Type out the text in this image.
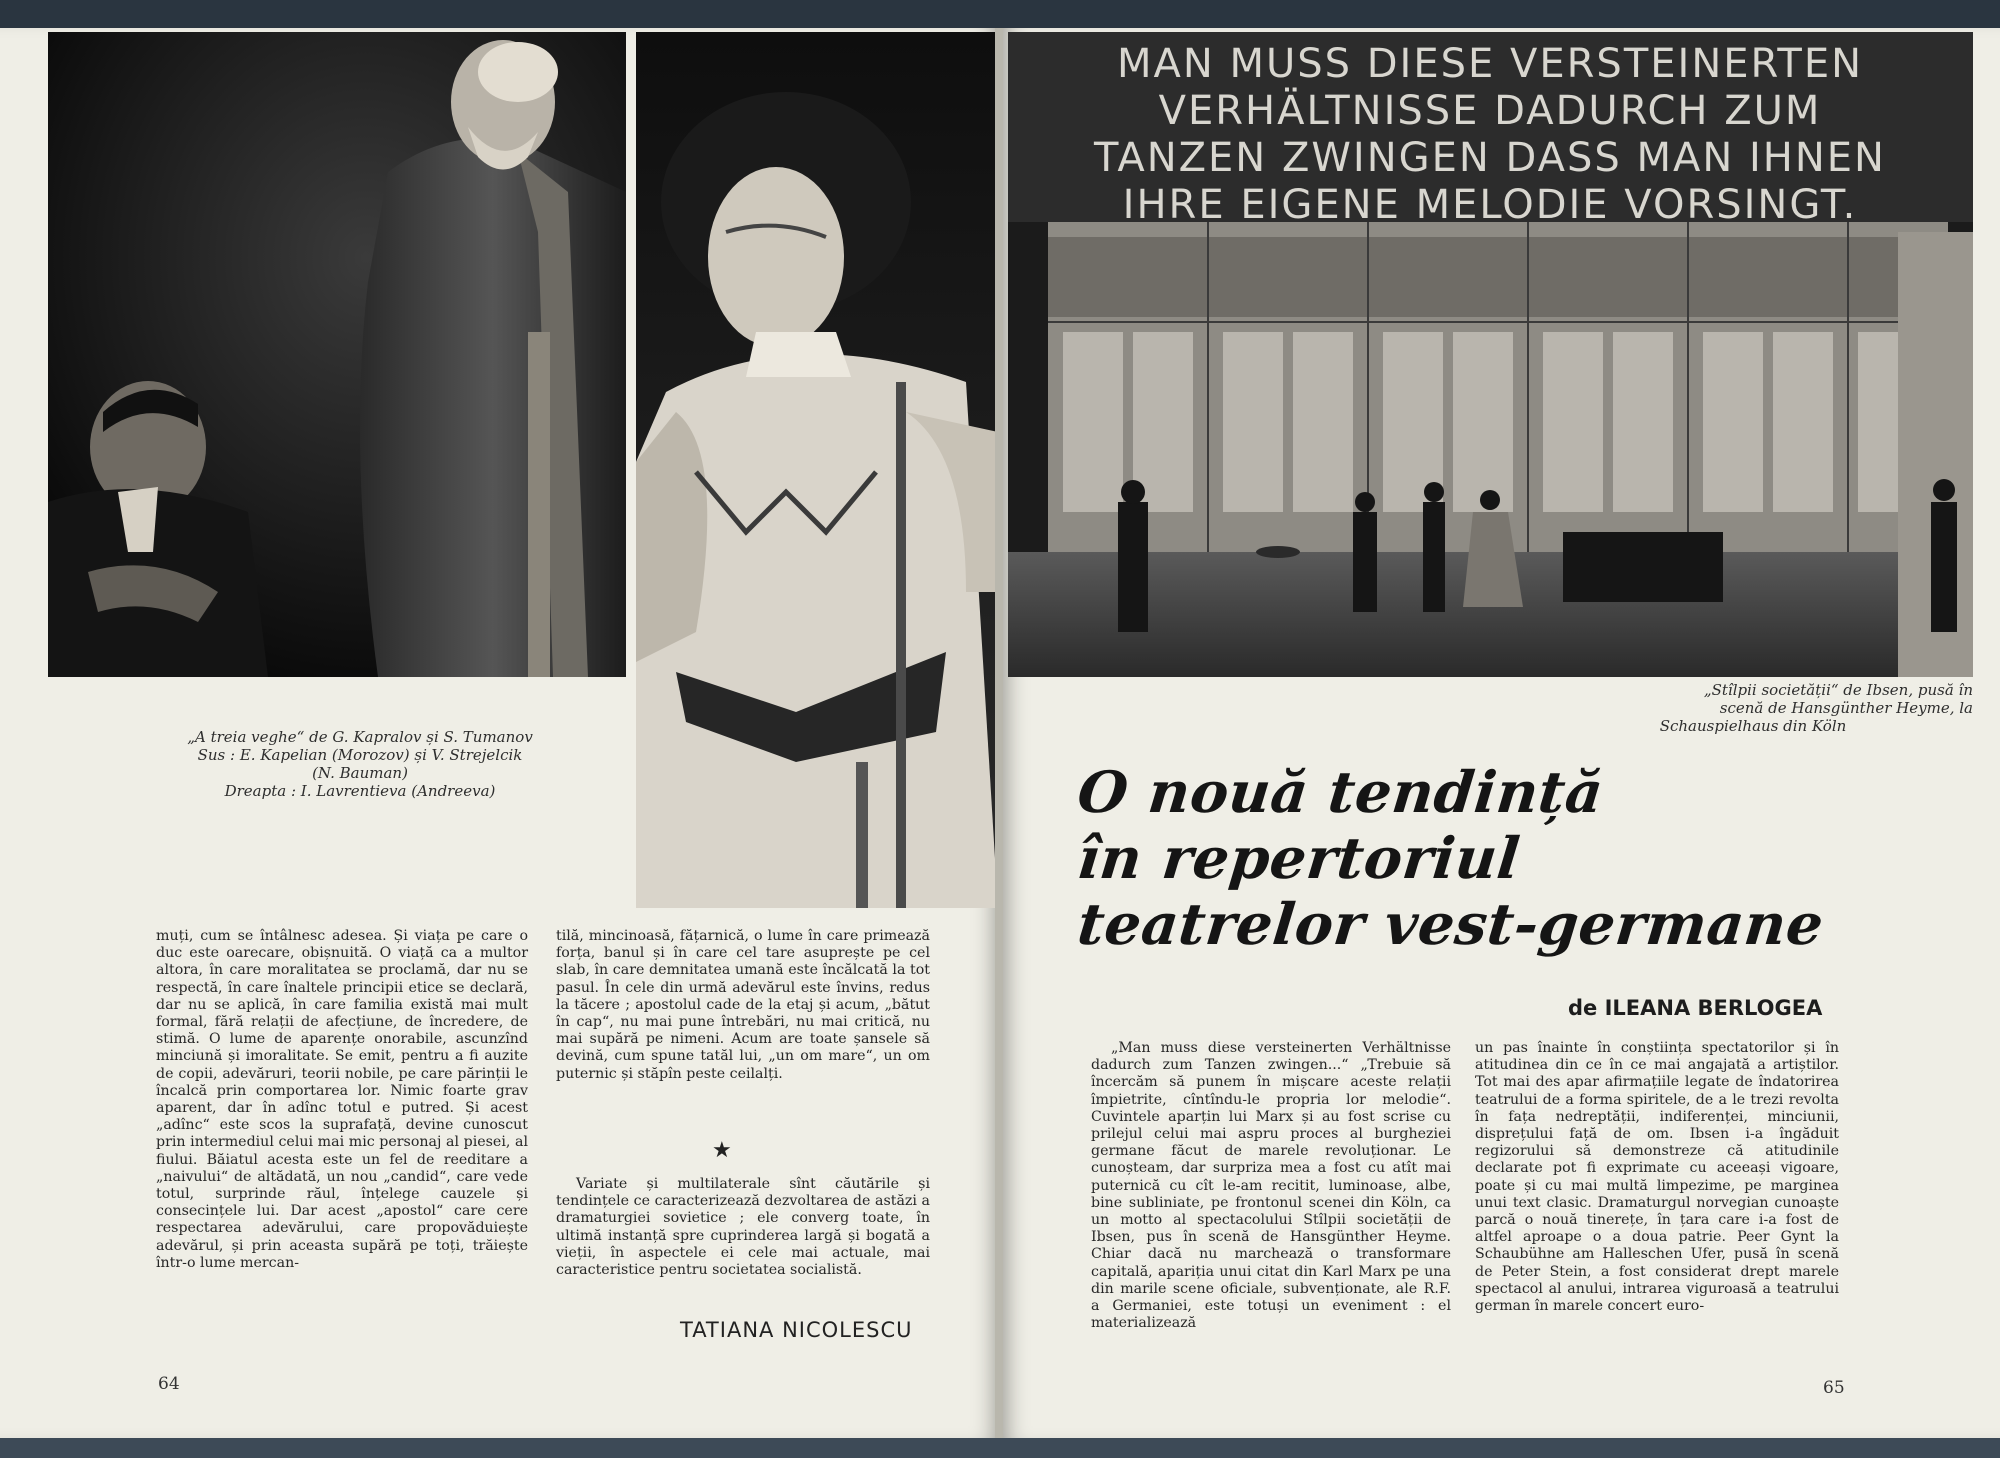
„A treia veghe“ de G. Kapralov și S. Tumanov
Sus : E. Kapelian (Morozov) și V. Strejelcik
(N. Bauman)
Dreapta : I. Lavrentieva (Andreeva)

muți, cum se întâlnesc adesea. Și viața pe care o duc este oarecare, obișnuită. O viață ca a multor altora, în care moralitatea se proclamă, dar nu se respectă, în care înaltele principii etice se declară, dar nu se aplică, în care familia există mai mult formal, fără relații de afecțiune, de încredere, de stimă. O lume de aparențe onorabile, ascunzînd minciună și imoralitate. Se emit, pentru a fi auzite de copii, adevăruri, teorii nobile, pe care părinții le încalcă prin comportarea lor. Nimic foarte grav aparent, dar în adînc totul e putred. Și acest „adînc“ este scos la suprafață, devine cunoscut prin intermediul celui mai mic personaj al piesei, al fiului. Băiatul acesta este un fel de reeditare a „naivului“ de altădată, un nou „candid“, care vede totul, surprinde răul, înțelege cauzele și consecințele lui. Dar acest „apostol“ care cere respectarea adevărului, care propovăduiește adevărul, și prin aceasta supără pe toți, trăiește într-o lume mercan-

tilă, mincinoasă, fățarnică, o lume în care primează forța, banul și în care cel tare asuprește pe cel slab, în care demnitatea umană este încălcată la tot pasul. În cele din urmă adevărul este învins, redus la tăcere ; apostolul cade de la etaj și acum, „bătut în cap“, nu mai pune întrebări, nu mai critică, nu mai supără pe nimeni. Acum are toate șansele să devină, cum spune tatăl lui, „un om mare“, un om puternic și stăpîn peste ceilalți.

★

Variate și multilaterale sînt căutările și tendințele ce caracterizează dezvoltarea de astăzi a dramaturgiei sovietice ; ele converg toate, în ultimă instanță spre cuprinderea largă și bogată a vieții, în aspectele ei cele mai actuale, mai caracteristice pentru societatea socialistă.

TATIANA NICOLESCU
64
MAN MUSS DIESE VERSTEINERTEN
VERHÄLTNISSE DADURCH ZUM
TANZEN ZWINGEN DASS MAN IHNEN
IHRE EIGENE MELODIE VORSINGT.
„Stîlpii societății“ de Ibsen, pusă în
scenă de Hansgünther Heyme, la
Schauspielhaus din Köln
O nouă tendință
în repertoriul
teatrelor vest-germane
de ILEANA BERLOGEA

„Man muss diese versteinerten Verhältnisse dadurch zum Tanzen zwingen...“ „Trebuie să încercăm să punem în mișcare aceste relații împietrite, cîntîndu-le propria lor melodie“. Cuvintele aparțin lui Marx și au fost scrise cu prilejul celui mai aspru proces al burgheziei germane făcut de marele revoluționar. Le cunoșteam, dar surpriza mea a fost cu atît mai puternică cu cît le-am recitit, luminoase, albe, bine subliniate, pe frontonul scenei din Köln, ca un motto al spectacolului Stîlpii societății de Ibsen, pus în scenă de Hansgünther Heyme. Chiar dacă nu marchează o transformare capitală, apariția unui citat din Karl Marx pe una din marile scene oficiale, subvenționate, ale R.F. a Germaniei, este totuși un eveniment : el materializează

un pas înainte în conștiința spectatorilor și în atitudinea din ce în ce mai angajată a artiștilor. Tot mai des apar afirmațiile legate de îndatorirea teatrului de a forma spiritele, de a le trezi revolta în fața nedreptății, indiferenței, minciunii, disprețului față de om. Ibsen i-a îngăduit regizorului să demonstreze că atitudinile declarate pot fi exprimate cu aceeași vigoare, poate și cu mai multă limpezime, pe marginea unui text clasic. Dramaturgul norvegian cunoaște parcă o nouă tinerețe, în țara care i-a fost de altfel aproape o a doua patrie. Peer Gynt la Schaubühne am Halleschen Ufer, pusă în scenă de Peter Stein, a fost considerat drept marele spectacol al anului, intrarea viguroasă a teatrului german în marele concert euro-

65
